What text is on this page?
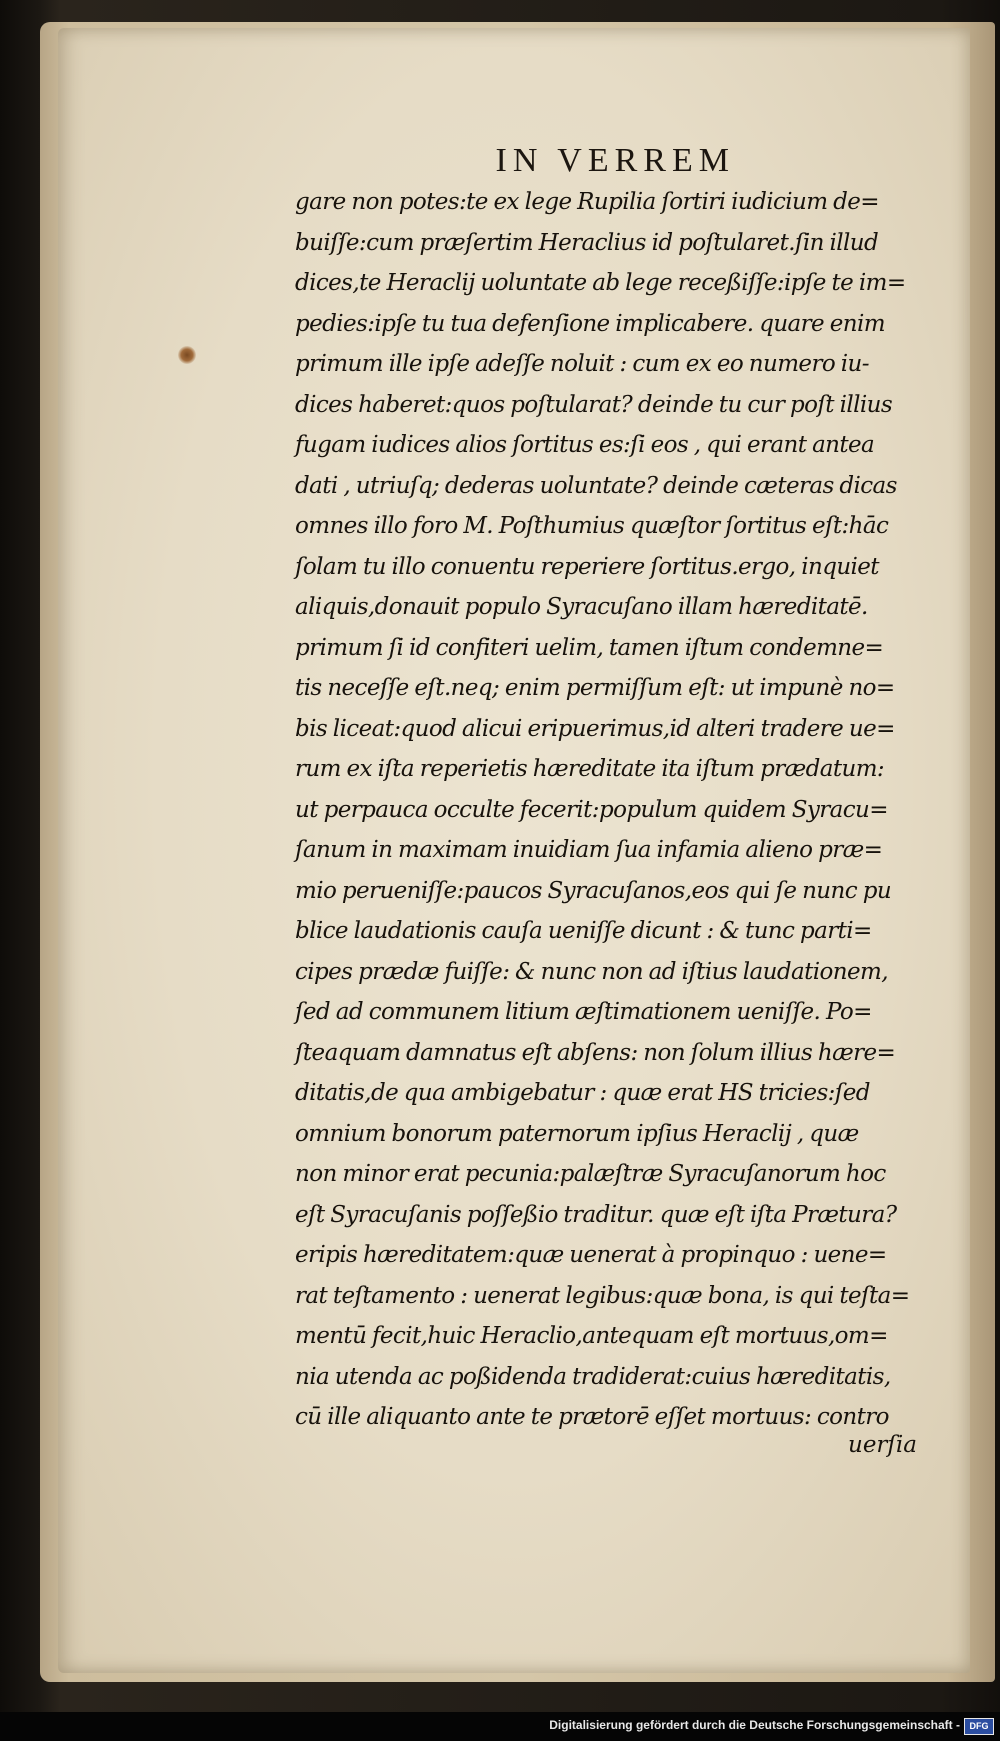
IN VERREM
gare non potes:te ex lege Rupilia ſortiri iudicium de=
buiſſe:cum præſertim Heraclius id poſtularet.ſin illud
dices,te Heraclij uoluntate ab lege receßiſſe:ipſe te im=
pedies:ipſe tu tua defenſione implicabere. quare enim
primum ille ipſe adeſſe noluit : cum ex eo numero iu-
dices haberet:quos poſtularat? deinde tu cur poſt illius
fugam iudices alios ſortitus es:ſi eos , qui erant antea
dati , utriuſq; dederas uoluntate? deinde cæteras dicas
omnes illo foro M. Poſthumius quæſtor ſortitus eſt:hāc
ſolam tu illo conuentu reperiere ſortitus.ergo, inquiet
aliquis,donauit populo Syracuſano illam hæreditatē.
primum ſi id confiteri uelim, tamen iſtum condemne=
tis neceſſe eſt.neq; enim permiſſum eſt: ut impunè no=
bis liceat:quod alicui eripuerimus,id alteri tradere ue=
rum ex iſta reperietis hæreditate ita iſtum prædatum:
ut perpauca occulte fecerit:populum quidem Syracu=
ſanum in maximam inuidiam ſua infamia alieno præ=
mio perueniſſe:paucos Syracuſanos,eos qui ſe nunc pu
blice laudationis cauſa ueniſſe dicunt : & tunc parti=
cipes prædæ fuiſſe: & nunc non ad iſtius laudationem,
ſed ad communem litium æſtimationem ueniſſe. Po=
ſteaquam damnatus eſt abſens: non ſolum illius hære=
ditatis,de qua ambigebatur : quæ erat HS tricies:ſed
omnium bonorum paternorum ipſius Heraclij , quæ
non minor erat pecunia:palæſtræ Syracuſanorum hoc
eſt Syracuſanis poſſeßio traditur. quæ eſt iſta Prætura?
eripis hæreditatem:quæ uenerat à propinquo : uene=
rat teſtamento : uenerat legibus:quæ bona, is qui teſta=
mentū fecit,huic Heraclio,antequam eſt mortuus,om=
nia utenda ac poßidenda tradiderat:cuius hæreditatis,
cū ille aliquanto ante te prætorē eſſet mortuus: contro
uerſia
Digitalisierung gefördert durch die Deutsche Forschungsgemeinschaft -	DFG
